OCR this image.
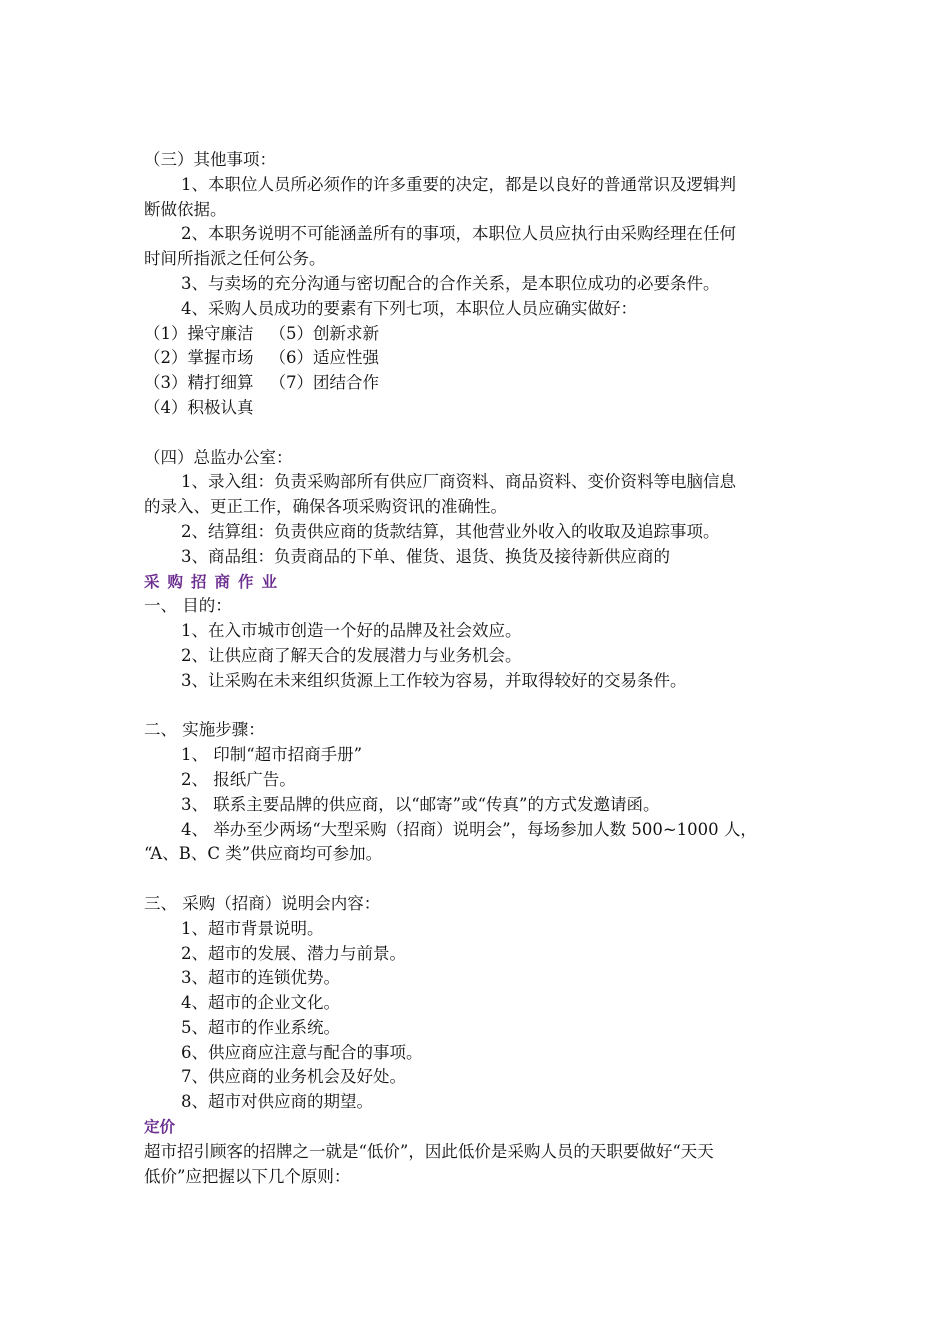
（三）其他事项：
1、本职位人员所必须作的许多重要的决定，都是以良好的普通常识及逻辑判
断做依据。
2、本职务说明不可能涵盖所有的事项，本职位人员应执行由采购经理在任何
时间所指派之任何公务。
3、与卖场的充分沟通与密切配合的合作关系，是本职位成功的必要条件。
4、采购人员成功的要素有下列七项，本职位人员应确实做好：
（1）操守廉洁 （5）创新求新
（2）掌握市场 （6）适应性强
（3）精打细算 （7）团结合作
（4）积极认真
（四）总监办公室：
1、录入组：负责采购部所有供应厂商资料、商品资料、变价资料等电脑信息
的录入、更正工作，确保各项采购资讯的准确性。
2、结算组：负责供应商的货款结算，其他营业外收入的收取及追踪事项。
3、商品组：负责商品的下单、催货、退货、换货及接待新供应商的
采购招商作业
一、 目的：
1、在入市城市创造一个好的品牌及社会效应。
2、让供应商了解天合的发展潜力与业务机会。
3、让采购在未来组织货源上工作较为容易，并取得较好的交易条件。
二、 实施步骤：
1、 印制“超市招商手册”
2、 报纸广告。
3、 联系主要品牌的供应商，以“邮寄”或“传真”的方式发邀请函。
4、 举办至少两场“大型采购（招商）说明会”，每场参加人数 500~1000 人，
“A、B、C 类”供应商均可参加。
三、 采购（招商）说明会内容：
1、超市背景说明。
2、超市的发展、潜力与前景。
3、超市的连锁优势。
4、超市的企业文化。
5、超市的作业系统。
6、供应商应注意与配合的事项。
7、供应商的业务机会及好处。
8、超市对供应商的期望。
定价
超市招引顾客的招牌之一就是“低价”，因此低价是采购人员的天职要做好“天天
低价”应把握以下几个原则：
